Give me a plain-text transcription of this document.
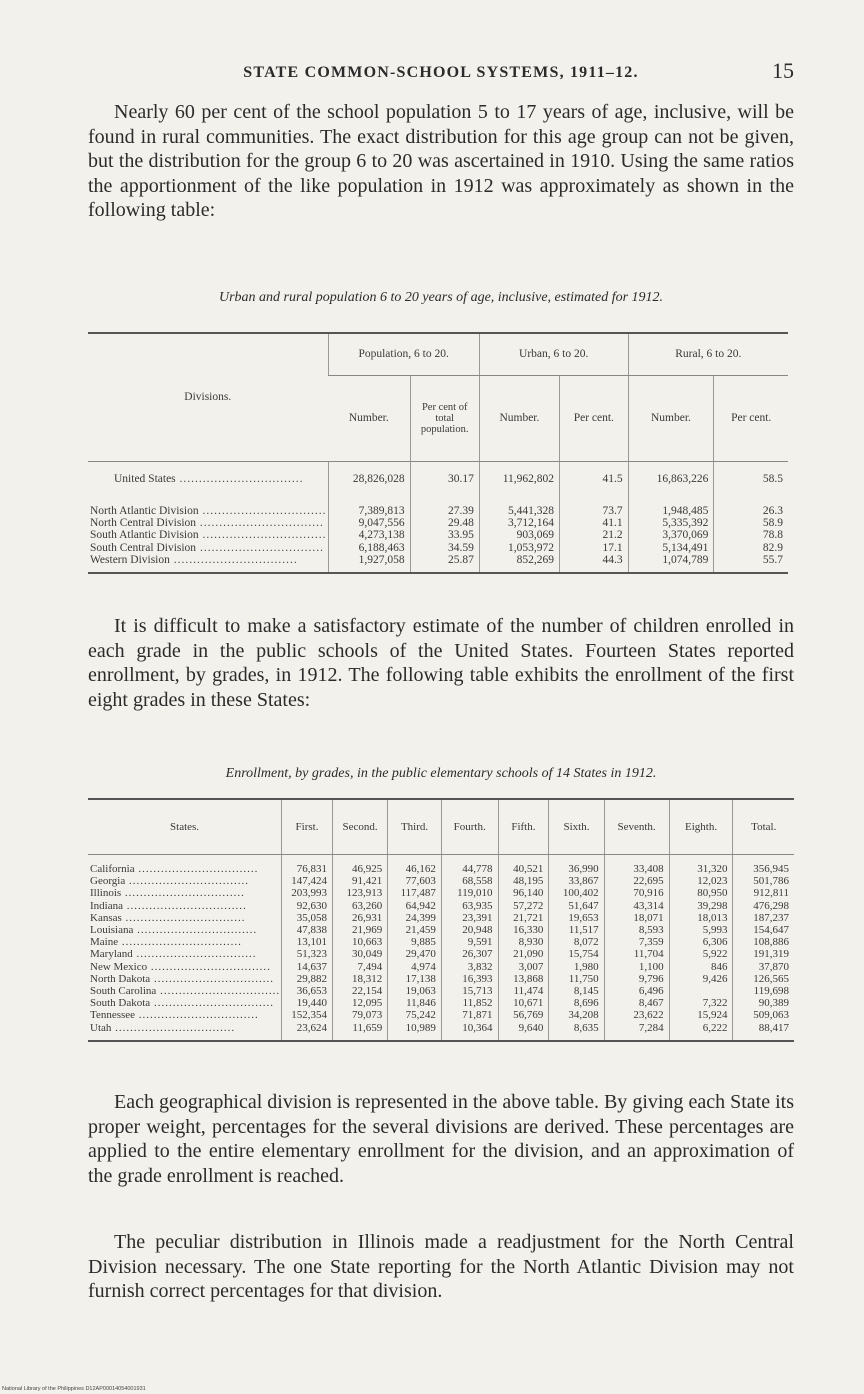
STATE COMMON-SCHOOL SYSTEMS, 1911–12.	15

Nearly 60 per cent of the school population 5 to 17 years of age, inclusive, will be found in rural communities. The exact distribution for this age group can not be given, but the distribution for the group 6 to 20 was ascertained in 1910. Using the same ratios the apportionment of the like population in 1912 was approximately as shown in the following table:

Urban and rural population 6 to 20 years of age, inclusive, estimated for 1912.
Divisions.	Population, 6 to 20.		Urban, 6 to 20.		Rural, 6 to 20.	
	Number.	Per cent of total population.	Number.	Per cent.	Number.	Per cent.
United States .....	28,826,028	30.17	11,962,802	41.5	16,863,226	58.5
North Atlantic Division .....	7,389,813	27.39	5,441,328	73.7	1,948,485	26.3
North Central Division .....	9,047,556	29.48	3,712,164	41.1	5,335,392	58.9
South Atlantic Division .....	4,273,138	33.95	903,069	21.2	3,370,069	78.8
South Central Division .....	6,188,463	34.59	1,053,972	17.1	5,134,491	82.9
Western Division .....	1,927,058	25.87	852,269	44.3	1,074,789	55.7

It is difficult to make a satisfactory estimate of the number of children enrolled in each grade in the public schools of the United States. Fourteen States reported enrollment, by grades, in 1912. The following table exhibits the enrollment of the first eight grades in these States:

Enrollment, by grades, in the public elementary schools of 14 States in 1912.
States.	First.	Second.	Third.	Fourth.	Fifth.	Sixth.	Seventh.	Eighth.	Total.
California .....	76,831	46,925	46,162	44,778	40,521	36,990	33,408	31,320	356,945
Georgia .....	147,424	91,421	77,603	68,558	48,195	33,867	22,695	12,023	501,786
Illinois .....	203,993	123,913	117,487	119,010	96,140	100,402	70,916	80,950	912,811
Indiana .....	92,630	63,260	64,942	63,935	57,272	51,647	43,314	39,298	476,298
Kansas .....	35,058	26,931	24,399	23,391	21,721	19,653	18,071	18,013	187,237
Louisiana .....	47,838	21,969	21,459	20,948	16,330	11,517	8,593	5,993	154,647
Maine .....	13,101	10,663	9,885	9,591	8,930	8,072	7,359	6,306	108,886
Maryland .....	51,323	30,049	29,470	26,307	21,090	15,754	11,704	5,922	191,319
New Mexico .....	14,637	7,494	4,974	3,832	3,007	1,980	1,100	846	37,870
North Dakota .....	29,882	18,312	17,138	16,393	13,868	11,750	9,796	9,426	126,565
South Carolina .....	36,653	22,154	19,063	15,713	11,474	8,145	6,496		119,698
South Dakota .....	19,440	12,095	11,846	11,852	10,671	8,696	8,467	7,322	90,389
Tennessee .....	152,354	79,073	75,242	71,871	56,769	34,208	23,622	15,924	509,063
Utah .....	23,624	11,659	10,989	10,364	9,640	8,635	7,284	6,222	88,417

Each geographical division is represented in the above table. By giving each State its proper weight, percentages for the several divisions are derived. These percentages are applied to the entire elementary enrollment for the division, and an approximation of the grade enrollment is reached.

The peculiar distribution in Illinois made a readjustment for the North Central Division necessary. The one State reporting for the North Atlantic Division may not furnish correct percentages for that division.

National Library of the Philippines D12AP00014054001931
